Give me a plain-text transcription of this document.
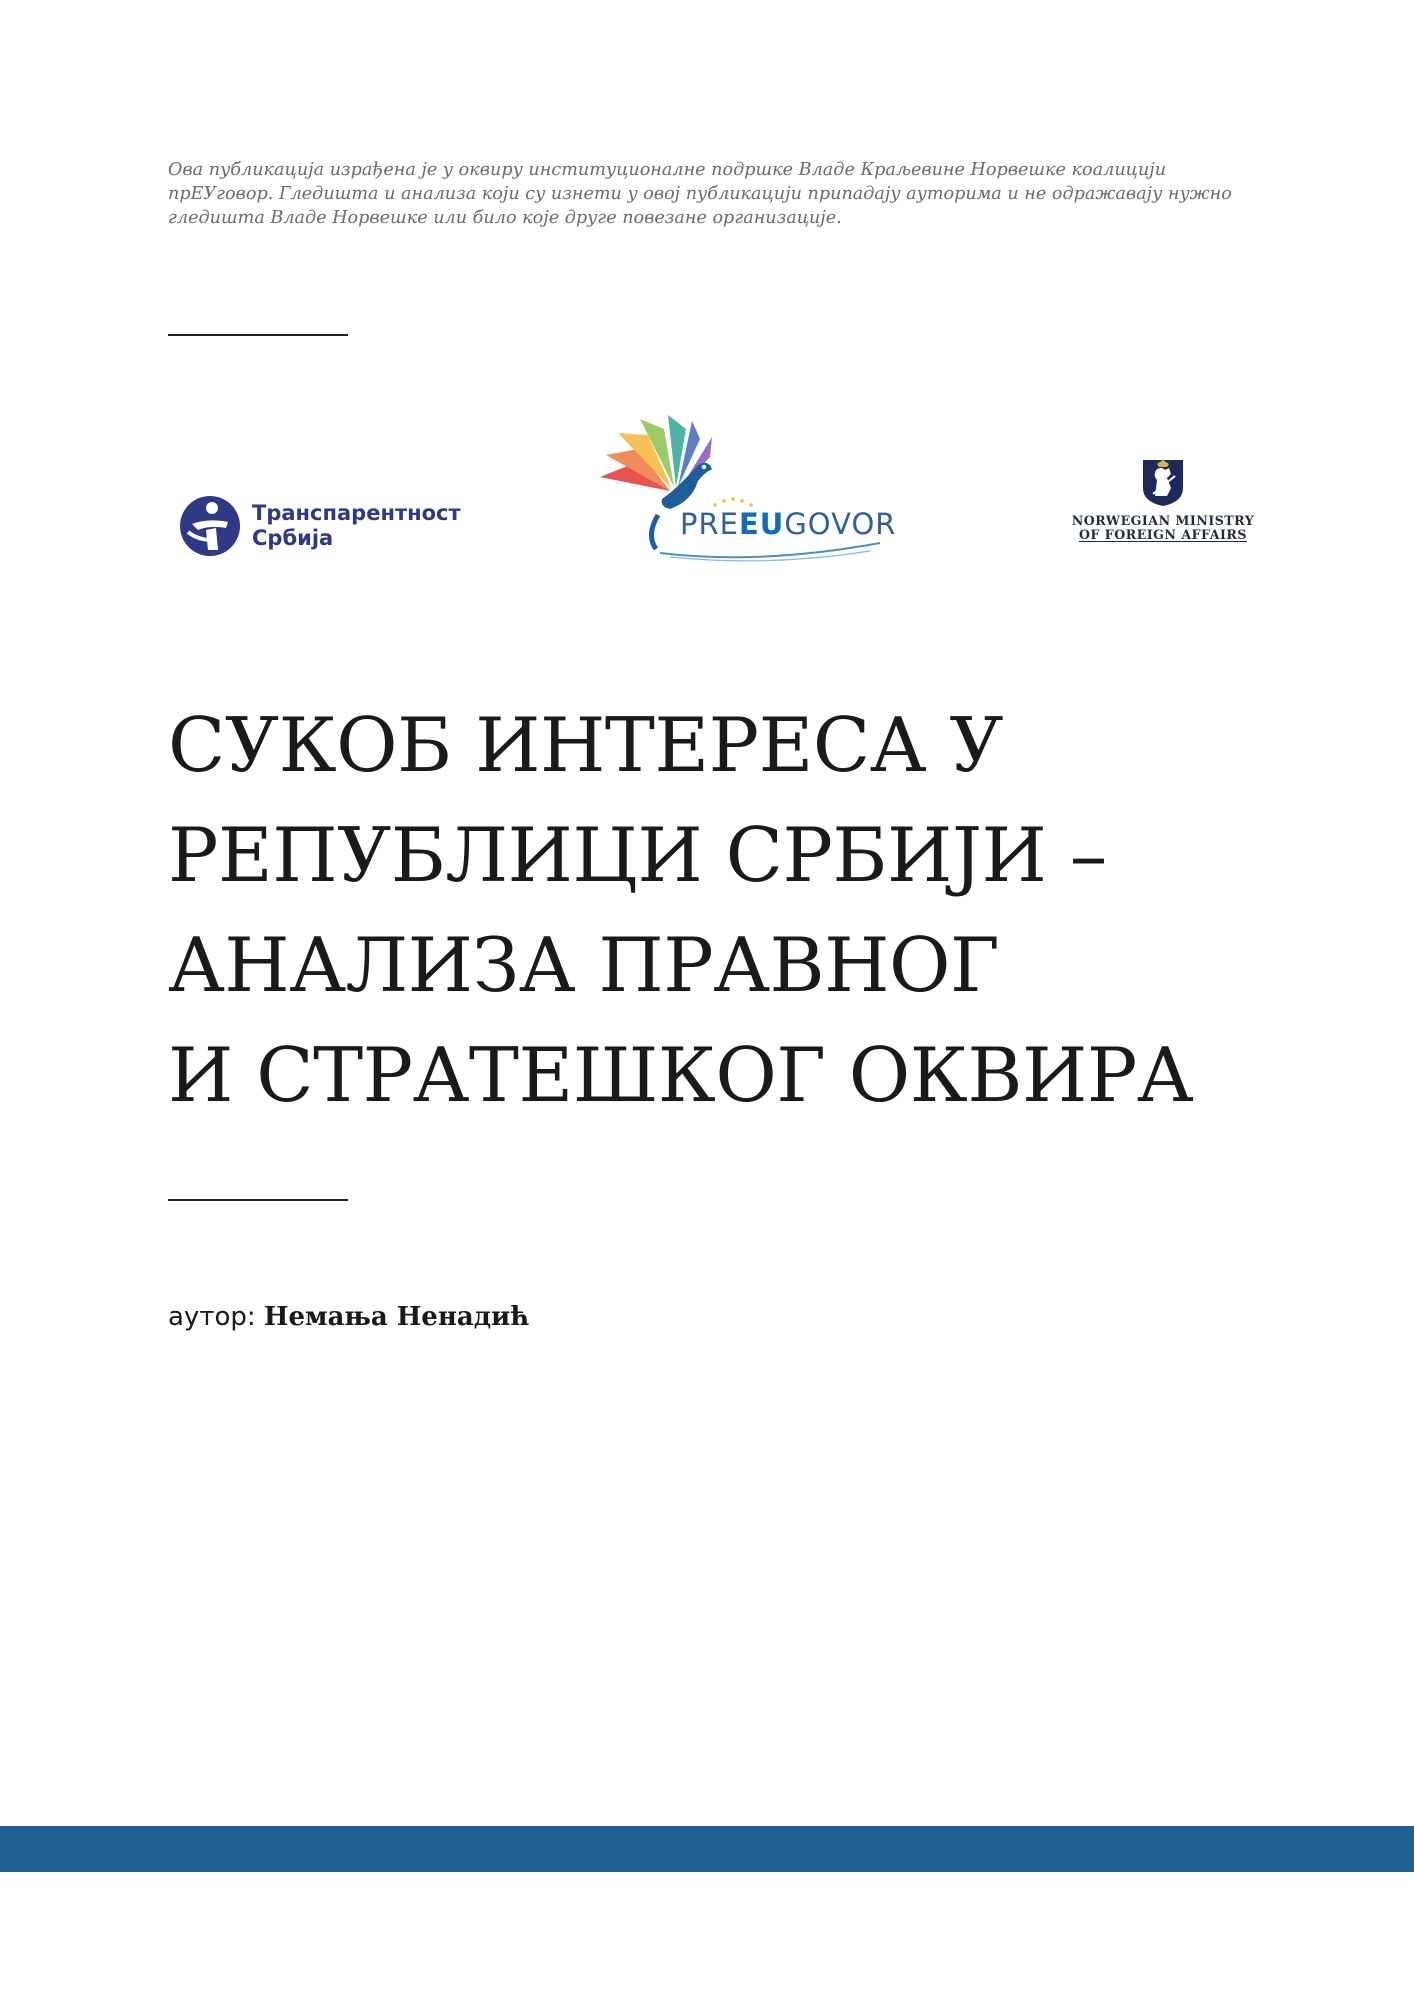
Ова публикација израђена је у оквиру институционалне подршке Владе Краљевине Норвешке коалицији прЕУговор. Гледишта и анализа који су изнети у овој публикацији припадају ауторима и не одражавају нужно гледишта Владе Норвешке или било које друге повезане организације.

Транспарентност
Србија	PREEUGOVOR	NORWEGIAN MINISTRY
OF FOREIGN AFFAIRS
СУКОБ ИНТЕРЕСА У
РЕПУБЛИЦИ СРБИЈИ –
АНАЛИЗА ПРАВНОГ
И СТРАТЕШКОГ ОКВИРА

аутор: Немања Ненадић
